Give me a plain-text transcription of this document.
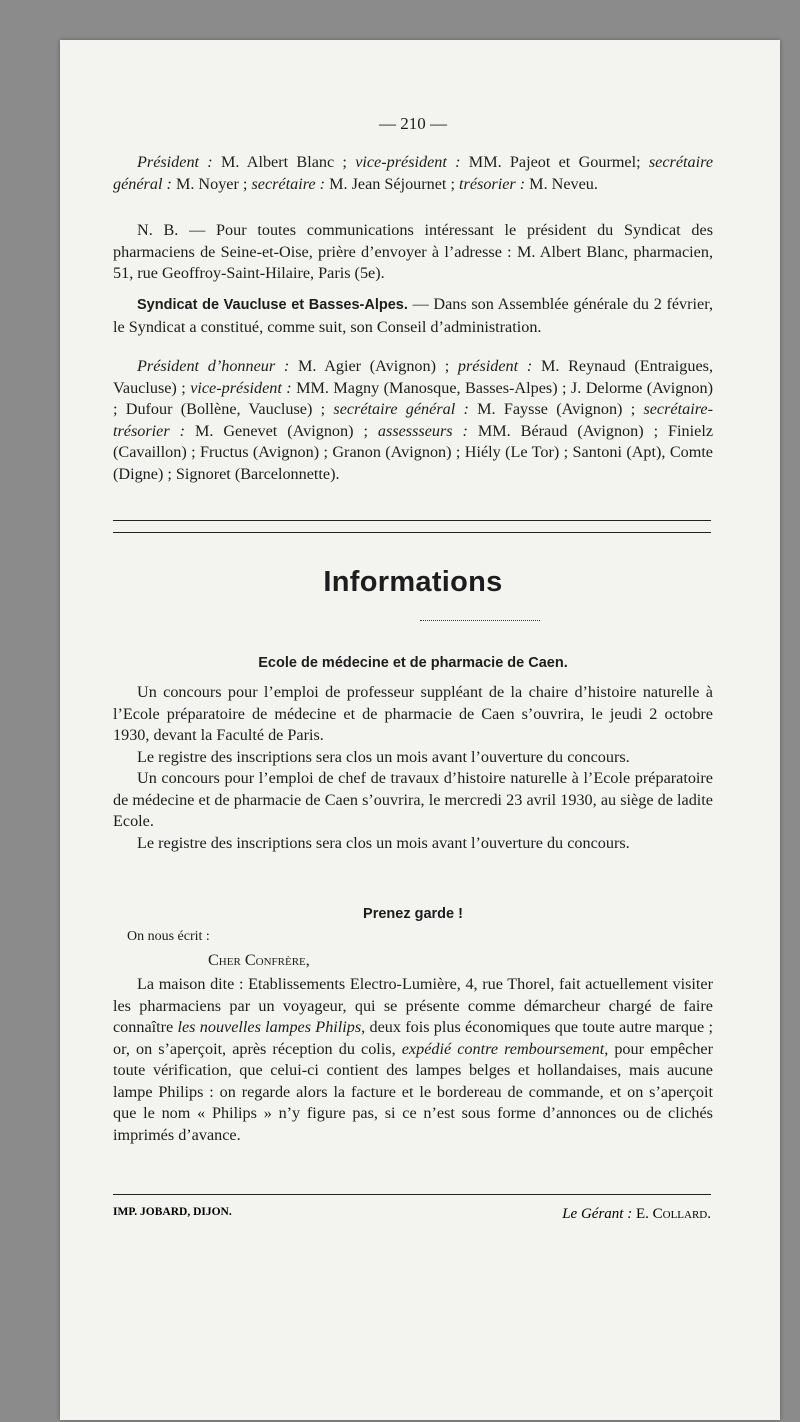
— 210 —
Président : M. Albert Blanc ; vice-président : MM. Pajeot et Gourmel; secrétaire général : M. Noyer ; secrétaire : M. Jean Séjournet ; trésorier : M. Neveu.
N. B. — Pour toutes communications intéressant le président du Syndicat des pharmaciens de Seine-et-Oise, prière d’envoyer à l’adresse : M. Albert Blanc, pharmacien, 51, rue Geoffroy-Saint-Hilaire, Paris (5e).
Syndicat de Vaucluse et Basses-Alpes. — Dans son Assemblée générale du 2 février, le Syndicat a constitué, comme suit, son Conseil d’administration.
Président d’honneur : M. Agier (Avignon) ; président : M. Reynaud (Entraigues, Vaucluse) ; vice-président : MM. Magny (Manosque, Basses-Alpes) ; J. Delorme (Avignon) ; Dufour (Bollène, Vaucluse) ; secrétaire général : M. Faysse (Avignon) ; secrétaire-trésorier : M. Genevet (Avignon) ; assessseurs : MM. Béraud (Avignon) ; Finielz (Cavaillon) ; Fructus (Avignon) ; Granon (Avignon) ; Hiély (Le Tor) ; Santoni (Apt), Comte (Digne) ; Signoret (Barcelonnette).
Informations
Ecole de médecine et de pharmacie de Caen.
Un concours pour l’emploi de professeur suppléant de la chaire d’histoire naturelle à l’Ecole préparatoire de médecine et de pharmacie de Caen s’ouvrira, le jeudi 2 octobre 1930, devant la Faculté de Paris.
Le registre des inscriptions sera clos un mois avant l’ouverture du concours.
Un concours pour l’emploi de chef de travaux d’histoire naturelle à l’Ecole préparatoire de médecine et de pharmacie de Caen s’ouvrira, le mercredi 23 avril 1930, au siège de ladite Ecole.
Le registre des inscriptions sera clos un mois avant l’ouverture du concours.
Prenez garde !
On nous écrit :
Cher Confrère,
La maison dite : Etablissements Electro-Lumière, 4, rue Thorel, fait actuellement visiter les pharmaciens par un voyageur, qui se présente comme démarcheur chargé de faire connaître les nouvelles lampes Philips, deux fois plus économiques que toute autre marque ; or, on s’aperçoit, après réception du colis, expédié contre remboursement, pour empêcher toute vérification, que celui-ci contient des lampes belges et hollandaises, mais aucune lampe Philips : on regarde alors la facture et le bordereau de commande, et on s’aperçoit que le nom « Philips » n’y figure pas, si ce n’est sous forme d’annonces ou de clichés imprimés d’avance.
IMP. JOBARD, DIJON.	Le Gérant : E. Collard.
